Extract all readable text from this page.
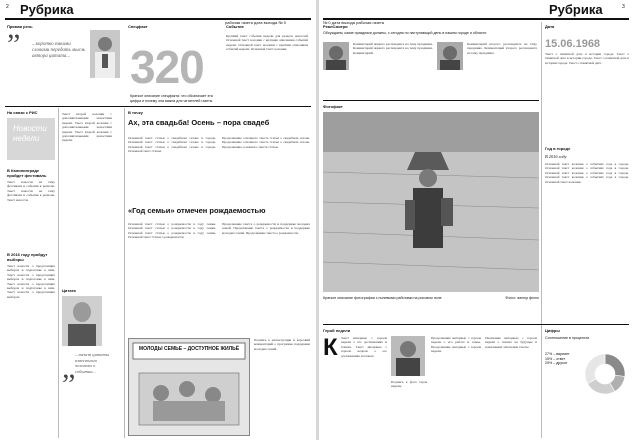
2 Рубрика
рабочая газета дата выхода № 0
Прямая речь	Спецфакт	Событие
” ...коротко емкими словами передать мысль автора цитата...	320
Краткое описание спецфакта: что обозначает эта цифра и почему она важна для читателей газеты
Краткий текст события недели для раздела новостей Основной текст колонки с кратким описанием событий недели. Основной текст колонки с кратким описанием событий недели. Основной текст колонки.
На связи с РИС
Новости
недели
В Калининграде пройдет фестиваль
Текст новости на тему фестиваля и события в регионе. Текст новости на тему фестиваля и события в регионе. Текст новости.
В 2016 году пройдут выборы
Текст новости о предстоящих выборах и подготовке к ним. Текст новости о предстоящих выборах и подготовке к ним. Текст новости о предстоящих выборах и подготовке к ним. Текст новости о предстоящих выборах.
Текст второй колонки с дополнительными новостями недели. Текст второй колонки с дополнительными новостями недели. Текст второй колонки с дополнительными новостями недели.
Цитата
”
...текст цитаты известного человека о событии...
В точку
Ах, эта свадьба! Осень – пора свадеб
Основной текст статьи о свадебном сезоне в городе. Основной текст статьи о свадебном сезоне в городе. Основной текст статьи о свадебном сезоне в городе. Основной текст статьи.
Продолжение основного текста статьи о свадебном сезоне. Продолжение основного текста статьи о свадебном сезоне. Продолжение основного текста статьи.
«Год семьи» отмечен рождаемостью
Основной текст статьи о рождаемости в году семьи. Основной текст статьи о рождаемости в году семьи. Основной текст статьи о рождаемости в году семьи. Основной текст статьи о рождаемости.
Продолжение текста о рождаемости и поддержке молодых семей. Продолжение текста о рождаемости и поддержке молодых семей. Продолжение текста о рождаемости.
МОЛОДЫ СЕМЬЕ – ДОСТУПНОЕ ЖИЛЬЁ
Подпись к иллюстрации и короткий комментарий о программе поддержки молодых семей.
№ 0 дата выхода рабочая газета
Рубрика	3
РеалСмотри
Обсуждаем, какие праздники должны, с сегодня по наступающий день в нашем городе и области
Комментарий первого респондента на тему праздника. Комментарий первого респондента на тему праздника. Комментарий.
Комментарий второго респондента на тему праздника. Комментарий второго респондента на тему праздника.
Дата
15.06.1968
Текст о памятной дате в истории города. Текст о памятной дате в истории города. Текст о памятной дате в истории города. Текст о памятной дате.
Год в городе
В 2016 году
Основной текст колонки о событиях года в городе. Основной текст колонки о событиях года в городе. Основной текст колонки о событиях года в городе. Основной текст колонки о событиях года в городе. Основной текст колонки.
Фотофакт
Краткое описание фотографии с полевыми работами на рисовом поле	Фото: автор фото
Герой недели
К Текст интервью с героем недели о его достижениях и планах. Текст интервью с героем недели о его достижениях и планах.
Подпись к фото героя недели.
Продолжение интервью с героем недели о его работе и семье. Продолжение интервью с героем недели.
Окончание интервью с героем недели о планах на будущее и пожеланиях читателям газеты.
Цифры
Соотношение в процентах
27% – вариант
15% – ответ
25% – другое
